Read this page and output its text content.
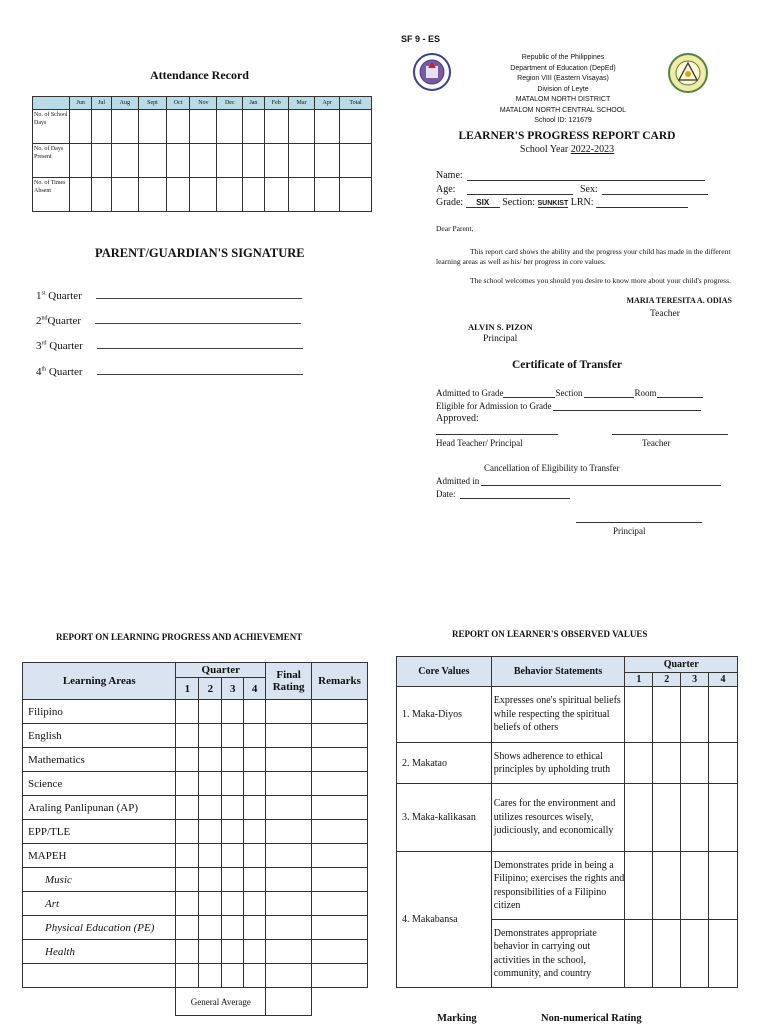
Attendance Record
	Jun	Jul	Aug	Sept	Oct	Nov	Dec	Jan	Feb	Mar	Apr	Total
No. of School Days												
No. of Days Present												
No. of Times Absent												
PARENT/GUARDIAN'S SIGNATURE
1st Quarter
2ndQuarter
3rd Quarter
4th Quarter
SF 9 - ES
Republic of the Philippines
Department of Education (DepEd)
Region VIII (Eastern Visayas)
Division of Leyte
MATALOM NORTH DISTRICT
MATALOM NORTH CENTRAL SCHOOL
School ID: 121679
LEARNER'S PROGRESS REPORT CARD
School Year 2022-2023
Name:
Age:	Sex:
Grade: SIX Section: SUNKIST LRN:
Dear Parent,
This report card shows the ability and the progress your child has made in the different learning areas as well as his/ her progress in core values.
The school welcomes you should you desire to know more about your child's progress.
MARIA TERESITA A. ODIAS
Teacher
ALVIN S. PIZON
Principal
Certificate of Transfer
Admitted to Grade	Section	Room
Eligible for Admission to Grade
Approved:
Head Teacher/ Principal	Teacher
Cancellation of Eligibility to Transfer
Admitted in
Date:
Principal
REPORT ON LEARNING PROGRESS AND ACHIEVEMENT
Learning Areas	Quarter				Final Rating	Remarks
	1	2	3	4		
Filipino						
English						
Mathematics						
Science						
Araling Panlipunan (AP)						
EPP/TLE						
MAPEH						
Music						
Art						
Physical Education (PE)						
Health						

	General Average					
REPORT ON LEARNER'S OBSERVED VALUES
Core Values	Behavior Statements	Quarter			
		1	2	3	4
1. Maka-Diyos	Expresses one's spiritual beliefs while respecting the spiritual beliefs of others				
2. Makatao	Shows adherence to ethical principles by upholding truth				
3. Maka-kalikasan	Cares for the environment and utilizes resources wisely, judiciously, and economically				
4. Makabansa	Demonstrates pride in being a Filipino; exercises the rights and responsibilities of a Filipino citizen				
	Demonstrates appropriate behavior in carrying out activities in the school, community, and country				
Marking	Non-numerical Rating
